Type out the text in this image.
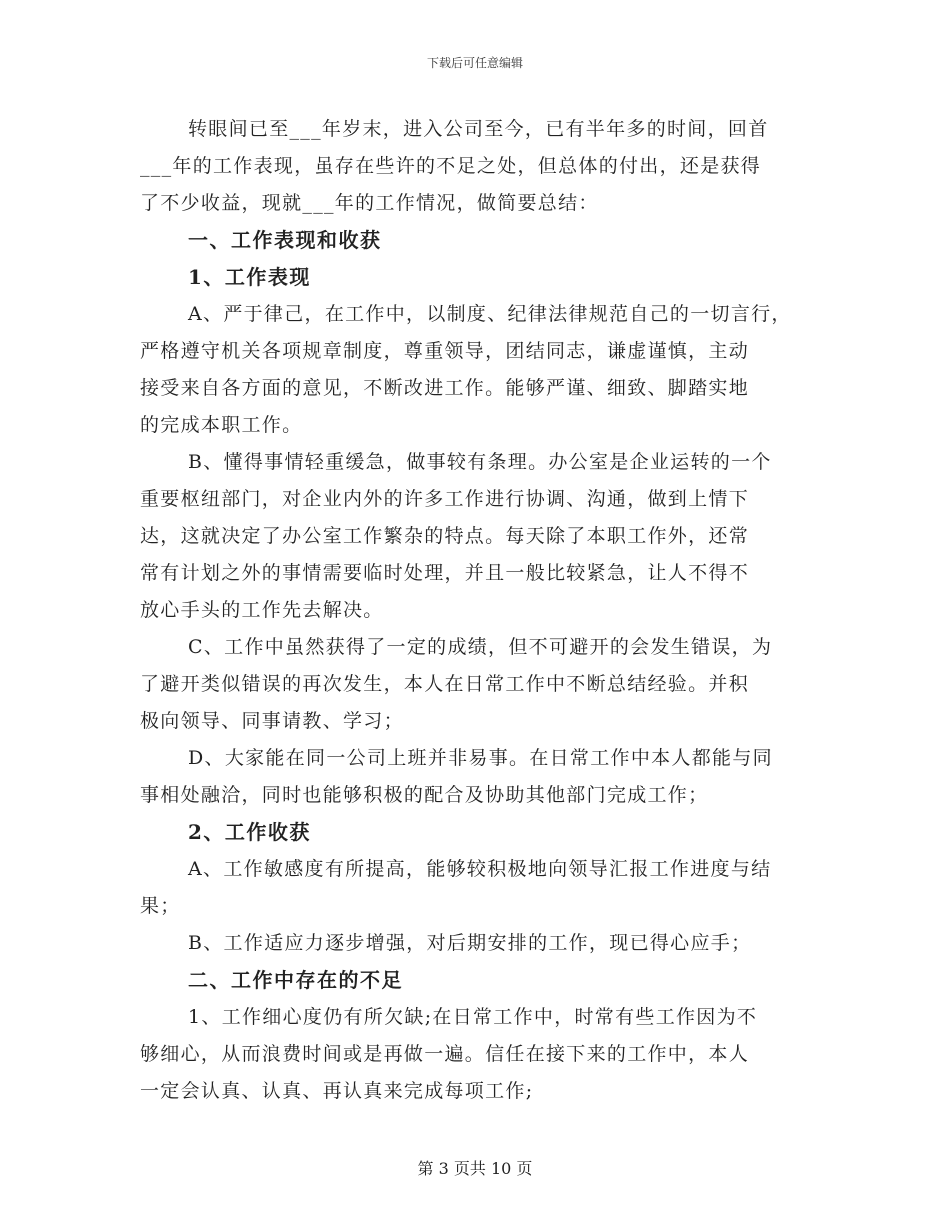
下载后可任意编辑

转眼间已至___年岁末，进入公司至今，已有半年多的时间，回首
___年的工作表现，虽存在些许的不足之处，但总体的付出，还是获得
了不少收益，现就___年的工作情况，做简要总结：

一、工作表现和收获

1、工作表现

A、严于律己，在工作中，以制度、纪律法律规范自己的一切言行，
严格遵守机关各项规章制度，尊重领导，团结同志，谦虚谨慎，主动
接受来自各方面的意见，不断改进工作。能够严谨、细致、脚踏实地
的完成本职工作。

B、懂得事情轻重缓急，做事较有条理。办公室是企业运转的一个
重要枢纽部门，对企业内外的许多工作进行协调、沟通，做到上情下
达，这就决定了办公室工作繁杂的特点。每天除了本职工作外，还常
常有计划之外的事情需要临时处理，并且一般比较紧急，让人不得不
放心手头的工作先去解决。

C、工作中虽然获得了一定的成绩，但不可避开的会发生错误，为
了避开类似错误的再次发生，本人在日常工作中不断总结经验。并积
极向领导、同事请教、学习；

D、大家能在同一公司上班并非易事。在日常工作中本人都能与同
事相处融洽，同时也能够积极的配合及协助其他部门完成工作；

2、工作收获

A、工作敏感度有所提高，能够较积极地向领导汇报工作进度与结
果；

B、工作适应力逐步增强，对后期安排的工作，现已得心应手；

二、工作中存在的不足

1、工作细心度仍有所欠缺;在日常工作中，时常有些工作因为不
够细心，从而浪费时间或是再做一遍。信任在接下来的工作中，本人
一定会认真、认真、再认真来完成每项工作;

第 3 页共 10 页
